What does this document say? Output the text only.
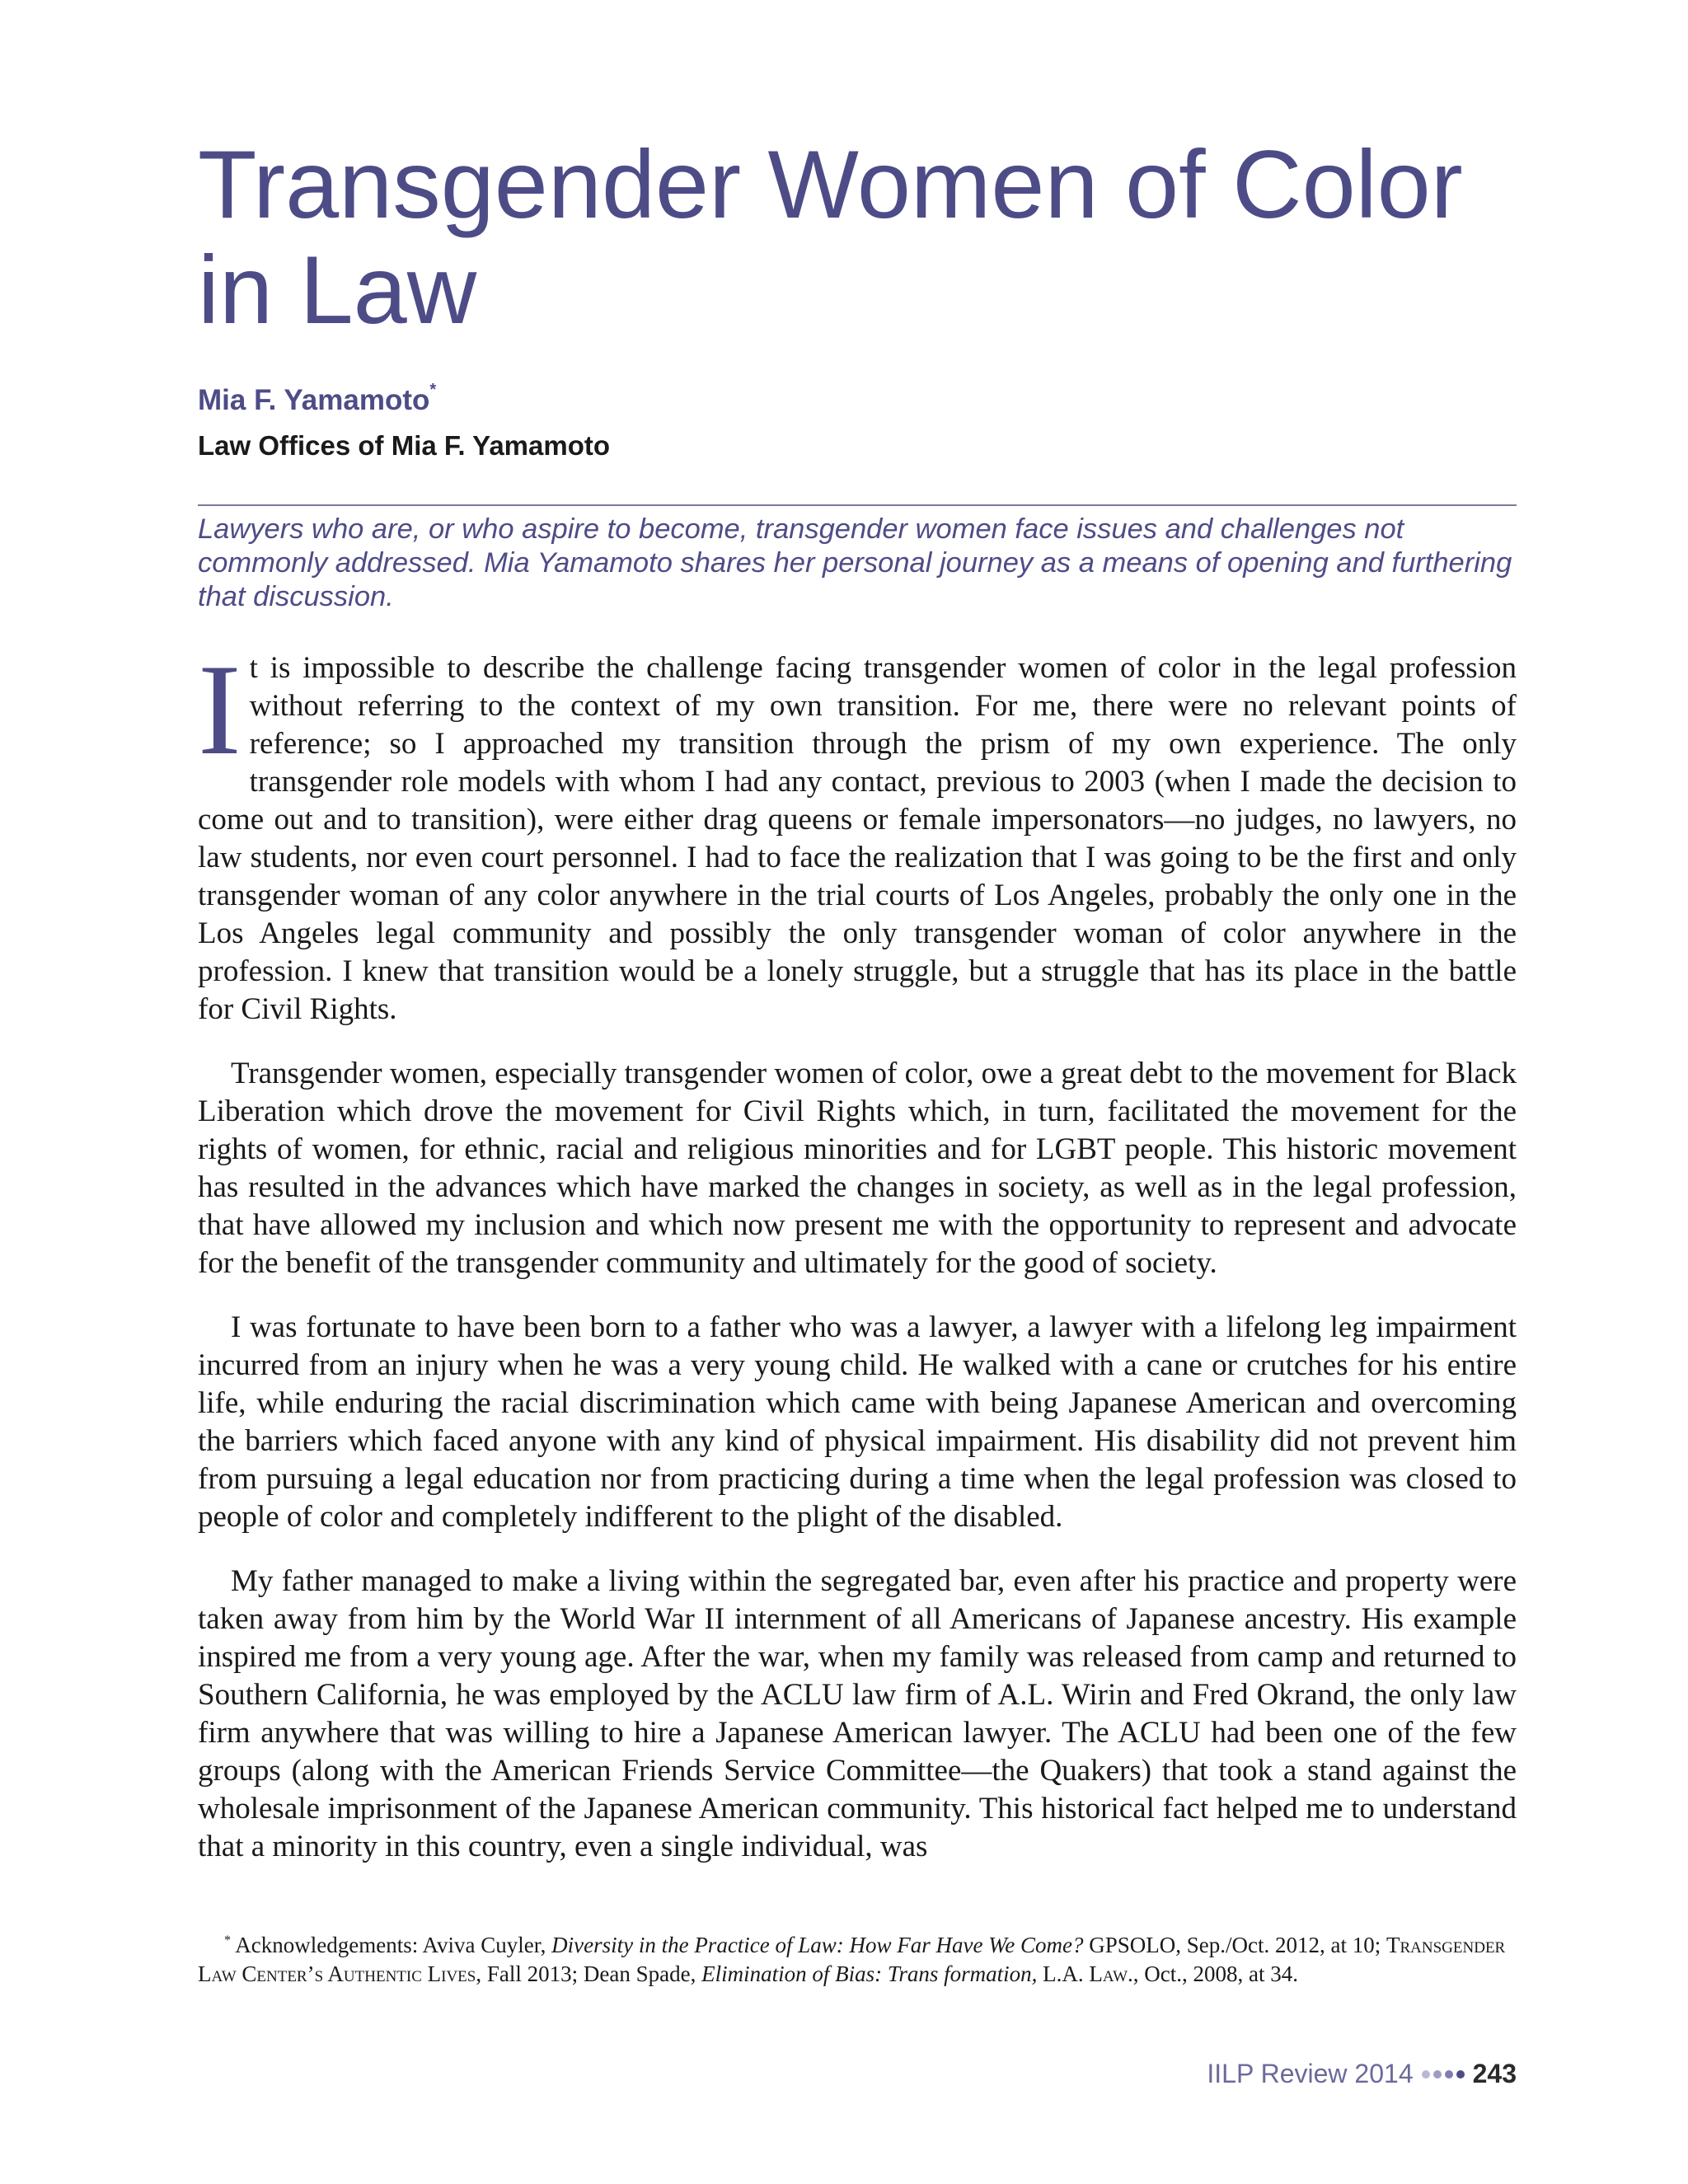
Transgender Women of Color in Law
Mia F. Yamamoto*
Law Offices of Mia F. Yamamoto
Lawyers who are, or who aspire to become, transgender women face issues and challenges not commonly addressed. Mia Yamamoto shares her personal journey as a means of opening and furthering that discussion.

It is impossible to describe the challenge facing transgender women of color in the legal profession without referring to the context of my own transition. For me, there were no relevant points of reference; so I approached my transition through the prism of my own experience. The only transgender role models with whom I had any contact, previous to 2003 (when I made the decision to come out and to transition), were either drag queens or female impersonators—no judges, no lawyers, no law students, nor even court personnel. I had to face the realization that I was going to be the first and only transgender woman of any color anywhere in the trial courts of Los Angeles, probably the only one in the Los Angeles legal community and possibly the only transgender woman of color anywhere in the profession. I knew that transition would be a lonely struggle, but a struggle that has its place in the battle for Civil Rights.

Transgender women, especially transgender women of color, owe a great debt to the movement for Black Liberation which drove the movement for Civil Rights which, in turn, facilitated the movement for the rights of women, for ethnic, racial and religious minorities and for LGBT people. This historic movement has resulted in the advances which have marked the changes in society, as well as in the legal profession, that have allowed my inclusion and which now present me with the opportunity to represent and advocate for the benefit of the transgender community and ultimately for the good of society.

I was fortunate to have been born to a father who was a lawyer, a lawyer with a lifelong leg impairment incurred from an injury when he was a very young child. He walked with a cane or crutches for his entire life, while enduring the racial discrimination which came with being Japanese American and overcoming the barriers which faced anyone with any kind of physical impairment. His disability did not prevent him from pursuing a legal education nor from practicing during a time when the legal profession was closed to people of color and completely indifferent to the plight of the disabled.

My father managed to make a living within the segregated bar, even after his practice and property were taken away from him by the World War II internment of all Americans of Japanese ancestry. His example inspired me from a very young age. After the war, when my family was released from camp and returned to Southern California, he was employed by the ACLU law firm of A.L. Wirin and Fred Okrand, the only law firm anywhere that was willing to hire a Japanese American lawyer. The ACLU had been one of the few groups (along with the American Friends Service Committee—the Quakers) that took a stand against the wholesale imprisonment of the Japanese American community. This historical fact helped me to understand that a minority in this country, even a single individual, was

* Acknowledgements: Aviva Cuyler, Diversity in the Practice of Law: How Far Have We Come? GPSOLO, Sep./Oct. 2012, at 10; Transgender Law Center’s Authentic Lives, Fall 2013; Dean Spade, Elimination of Bias: Trans formation, L.A. Law., Oct., 2008, at 34.
IILP Review 2014 243
